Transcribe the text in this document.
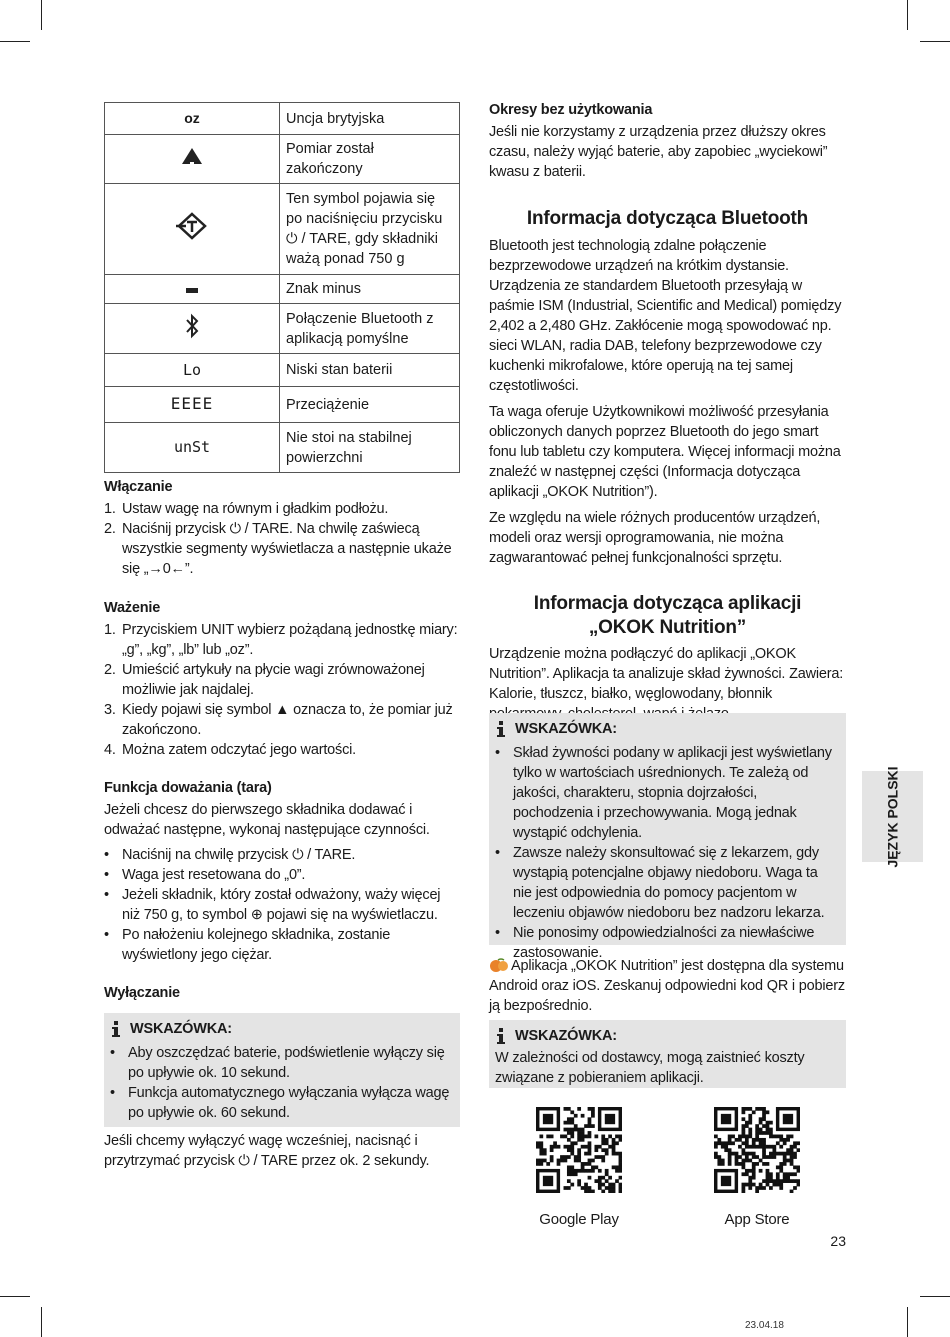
oz	Uncja brytyjska

	Pomiar został zakończony

	Ten symbol pojawia się po naciśnięciu przycisku ⏻ / TARE, gdy składniki ważą ponad 750 g
	Znak minus

	Połączenie Bluetooth z aplikacją pomyślne
Lo	Niski stan baterii
EEEE	Przeciążenie
unSt	Nie stoi na stabilnej powierzchni
Włączanie
1. Ustaw wagę na równym i gładkim podłożu.
2. Naciśnij przycisk ⏻ / TARE. Na chwilę zaświecą wszystkie segmenty wyświetlacza a następnie ukaże się „→0←”.
Ważenie
1. Przyciskiem UNIT wybierz pożądaną jednostkę miary: „g”, „kg”, „lb” lub „oz”.
2. Umieścić artykuły na płycie wagi zrównoważonej możliwie jak najdalej.
3. Kiedy pojawi się symbol ▲ oznacza to, że pomiar już zakończono.
4. Można zatem odczytać jego wartości.
Funkcja doważania (tara)
Jeżeli chcesz do pierwszego składnika dodawać i odważać następne, wykonaj następujące czynności.
• Naciśnij na chwilę przycisk ⏻ / TARE.
• Waga jest resetowana do „0”.
• Jeżeli składnik, który został odważony, waży więcej niż 750 g, to symbol ⊕ pojawi się na wyświetlaczu.
• Po nałożeniu kolejnego składnika, zostanie wyświetlony jego ciężar.
Wyłączanie
WSKAZÓWKA:
• Aby oszczędzać baterie, podświetlenie wyłączy się po upływie ok. 10 sekund.
• Funkcja automatycznego wyłączania wyłącza wagę po upływie ok. 60 sekund.
Jeśli chcemy wyłączyć wagę wcześniej, nacisnąć i przytrzymać przycisk ⏻ / TARE przez ok. 2 sekundy.
Okresy bez użytkowania
Jeśli nie korzystamy z urządzenia przez dłuższy okres czasu, należy wyjąć baterie, aby zapobiec „wyciekowi” kwasu z baterii.
Informacja dotycząca Bluetooth
Bluetooth jest technologią zdalne połączenie bezprzewodowe urządzeń na krótkim dystansie. Urządzenia ze standardem Bluetooth przesyłają w paśmie ISM (Industrial, Scientific and Medical) pomiędzy 2,402 a 2,480 GHz. Zakłócenie mogą spowodować np. sieci WLAN, radia DAB, telefony bezprzewodowe czy kuchenki mikrofalowe, które operują na tej samej częstotliwości.
Ta waga oferuje Użytkownikowi możliwość przesyłania obliczonych danych poprzez Bluetooth do jego smart fonu lub tabletu czy komputera. Więcej informacji można znaleźć w następnej części (Informacja dotycząca aplikacji „OKOK Nutrition”).
Ze względu na wiele różnych producentów urządzeń, modeli oraz wersji oprogramowania, nie można zagwarantować pełnej funkcjonalności sprzętu.
Informacja dotycząca aplikacji
„OKOK Nutrition”
Urządzenie można podłączyć do aplikacji „OKOK Nutrition”. Aplikacja ta analizuje skład żywności. Zawiera: Kalorie, tłuszcz, białko, węglowodany, błonnik
WSKAZÓWKA:
• Skład żywności podany w aplikacji jest wyświetlany tylko w wartościach uśrednionych. Te zależą od jakości, charakteru, stopnia dojrzałości, pochodzenia i przechowywania. Mogą jednak wystąpić odchylenia.
• Zawsze należy skonsultować się z lekarzem, gdy wystąpią potencjalne objawy niedoboru. Waga ta nie jest odpowiednia do pomocy pacjentom w leczeniu objawów niedoboru bez nadzoru lekarza.
• Nie ponosimy odpowiedzialności za niewłaściwe zastosowanie.
Aplikacja „OKOK Nutrition” jest dostępna dla systemu Android oraz iOS. Zeskanuj odpowiedni kod QR i pobierz ją bezpośrednio.
WSKAZÓWKA:
W zależności od dostawcy, mogą zaistnieć koszty związane z pobieraniem aplikacji.
Google Play	App Store
JĘZYK POLSKI
23
23.04.18
